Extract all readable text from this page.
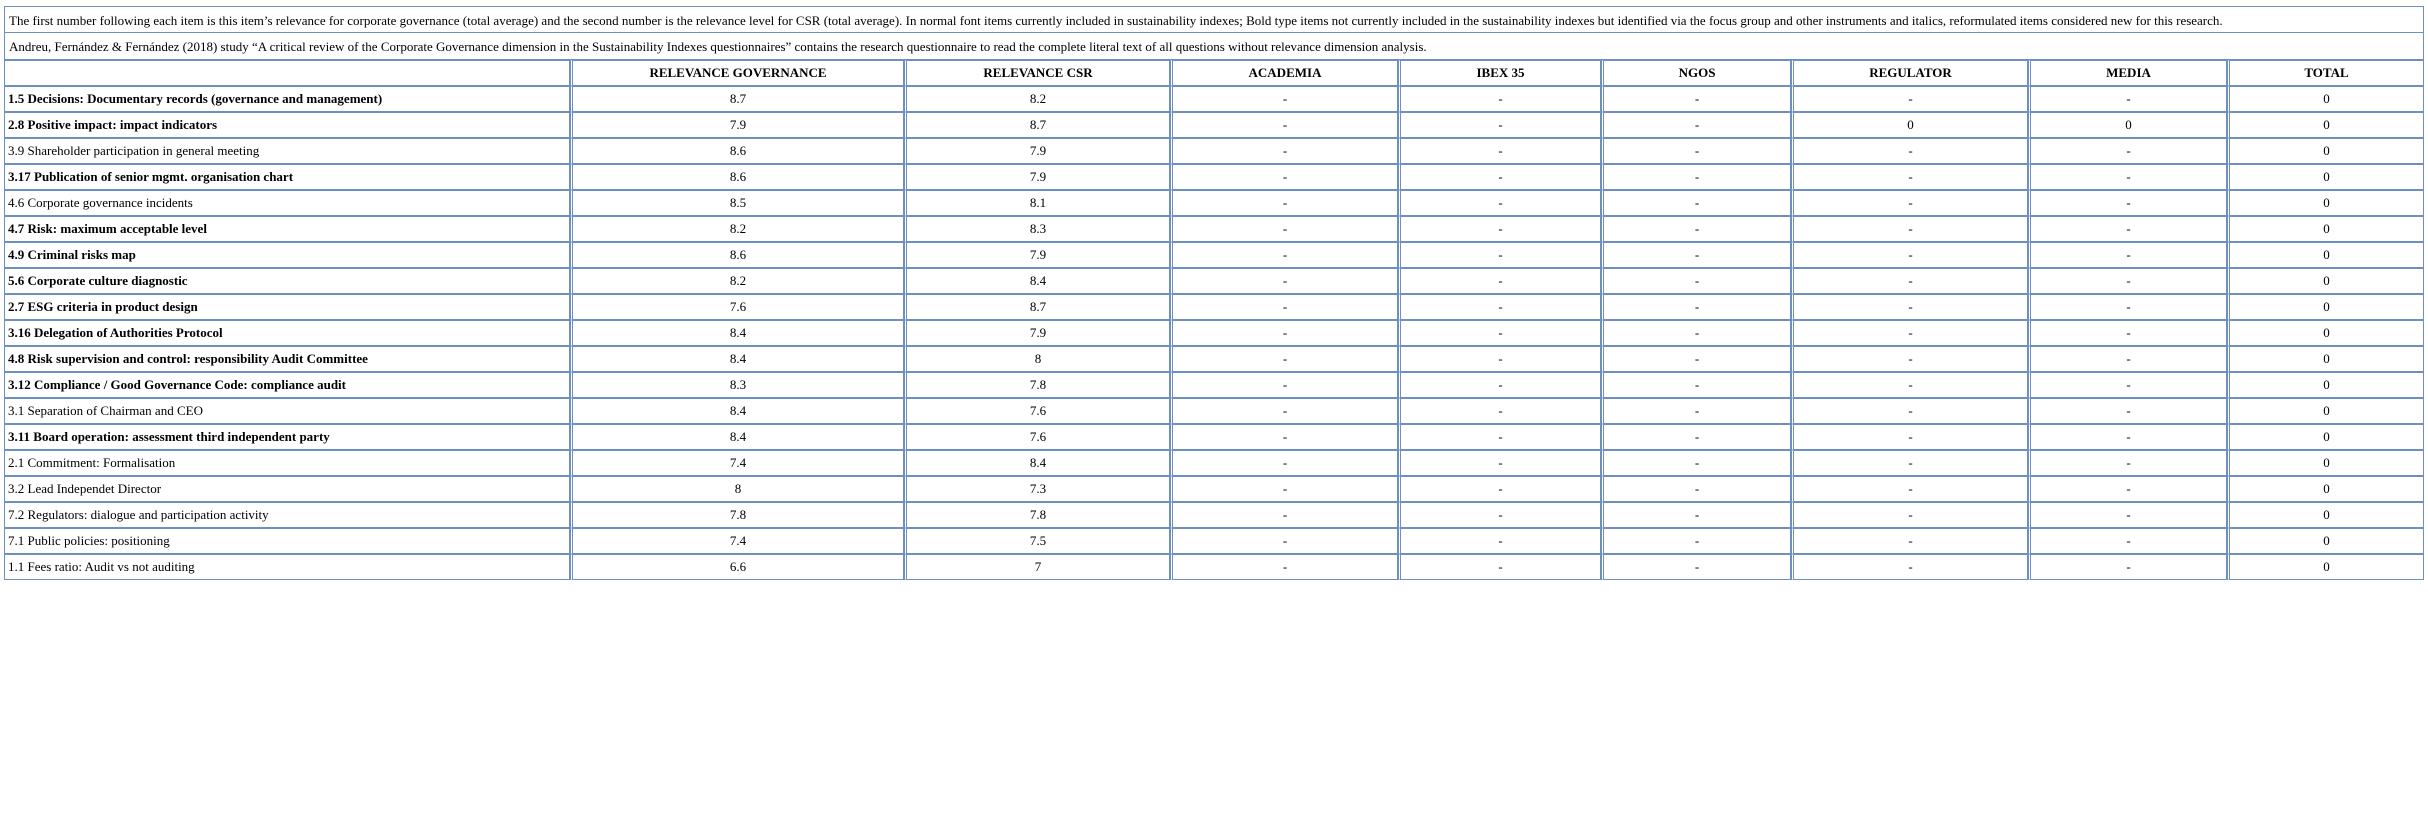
The first number following each item is this item’s relevance for corporate governance (total average) and the second number is the relevance level for CSR (total average). In normal font items currently included in sustainability indexes; Bold type items not currently included in the sustainability indexes but identified via the focus group and other instruments and italics, reformulated items considered new for this research.
Andreu, Fernández & Fernández (2018) study “A critical review of the Corporate Governance dimension in the Sustainability Indexes questionnaires” contains the research questionnaire to read the complete literal text of all questions without relevance dimension analysis.
	RELEVANCE GOVERNANCE	RELEVANCE CSR	ACADEMIA	IBEX 35	NGOS	REGULATOR	MEDIA	TOTAL
1.5 Decisions: Documentary records (governance and management)	8.7	8.2	-	-	-	-	-	0
2.8 Positive impact: impact indicators	7.9	8.7	-	-	-	0	0	0
3.9 Shareholder participation in general meeting	8.6	7.9	-	-	-	-	-	0
3.17 Publication of senior mgmt. organisation chart	8.6	7.9	-	-	-	-	-	0
4.6 Corporate governance incidents	8.5	8.1	-	-	-	-	-	0
4.7 Risk: maximum acceptable level	8.2	8.3	-	-	-	-	-	0
4.9 Criminal risks map	8.6	7.9	-	-	-	-	-	0
5.6 Corporate culture diagnostic	8.2	8.4	-	-	-	-	-	0
2.7 ESG criteria in product design	7.6	8.7	-	-	-	-	-	0
3.16 Delegation of Authorities Protocol	8.4	7.9	-	-	-	-	-	0
4.8 Risk supervision and control: responsibility Audit Committee	8.4	8	-	-	-	-	-	0
3.12 Compliance / Good Governance Code: compliance audit	8.3	7.8	-	-	-	-	-	0
3.1 Separation of Chairman and CEO	8.4	7.6	-	-	-	-	-	0
3.11 Board operation: assessment third independent party	8.4	7.6	-	-	-	-	-	0
2.1 Commitment: Formalisation	7.4	8.4	-	-	-	-	-	0
3.2 Lead Independet Director	8	7.3	-	-	-	-	-	0
7.2 Regulators: dialogue and participation activity	7.8	7.8	-	-	-	-	-	0
7.1 Public policies: positioning	7.4	7.5	-	-	-	-	-	0
1.1 Fees ratio: Audit vs not auditing	6.6	7	-	-	-	-	-	0
